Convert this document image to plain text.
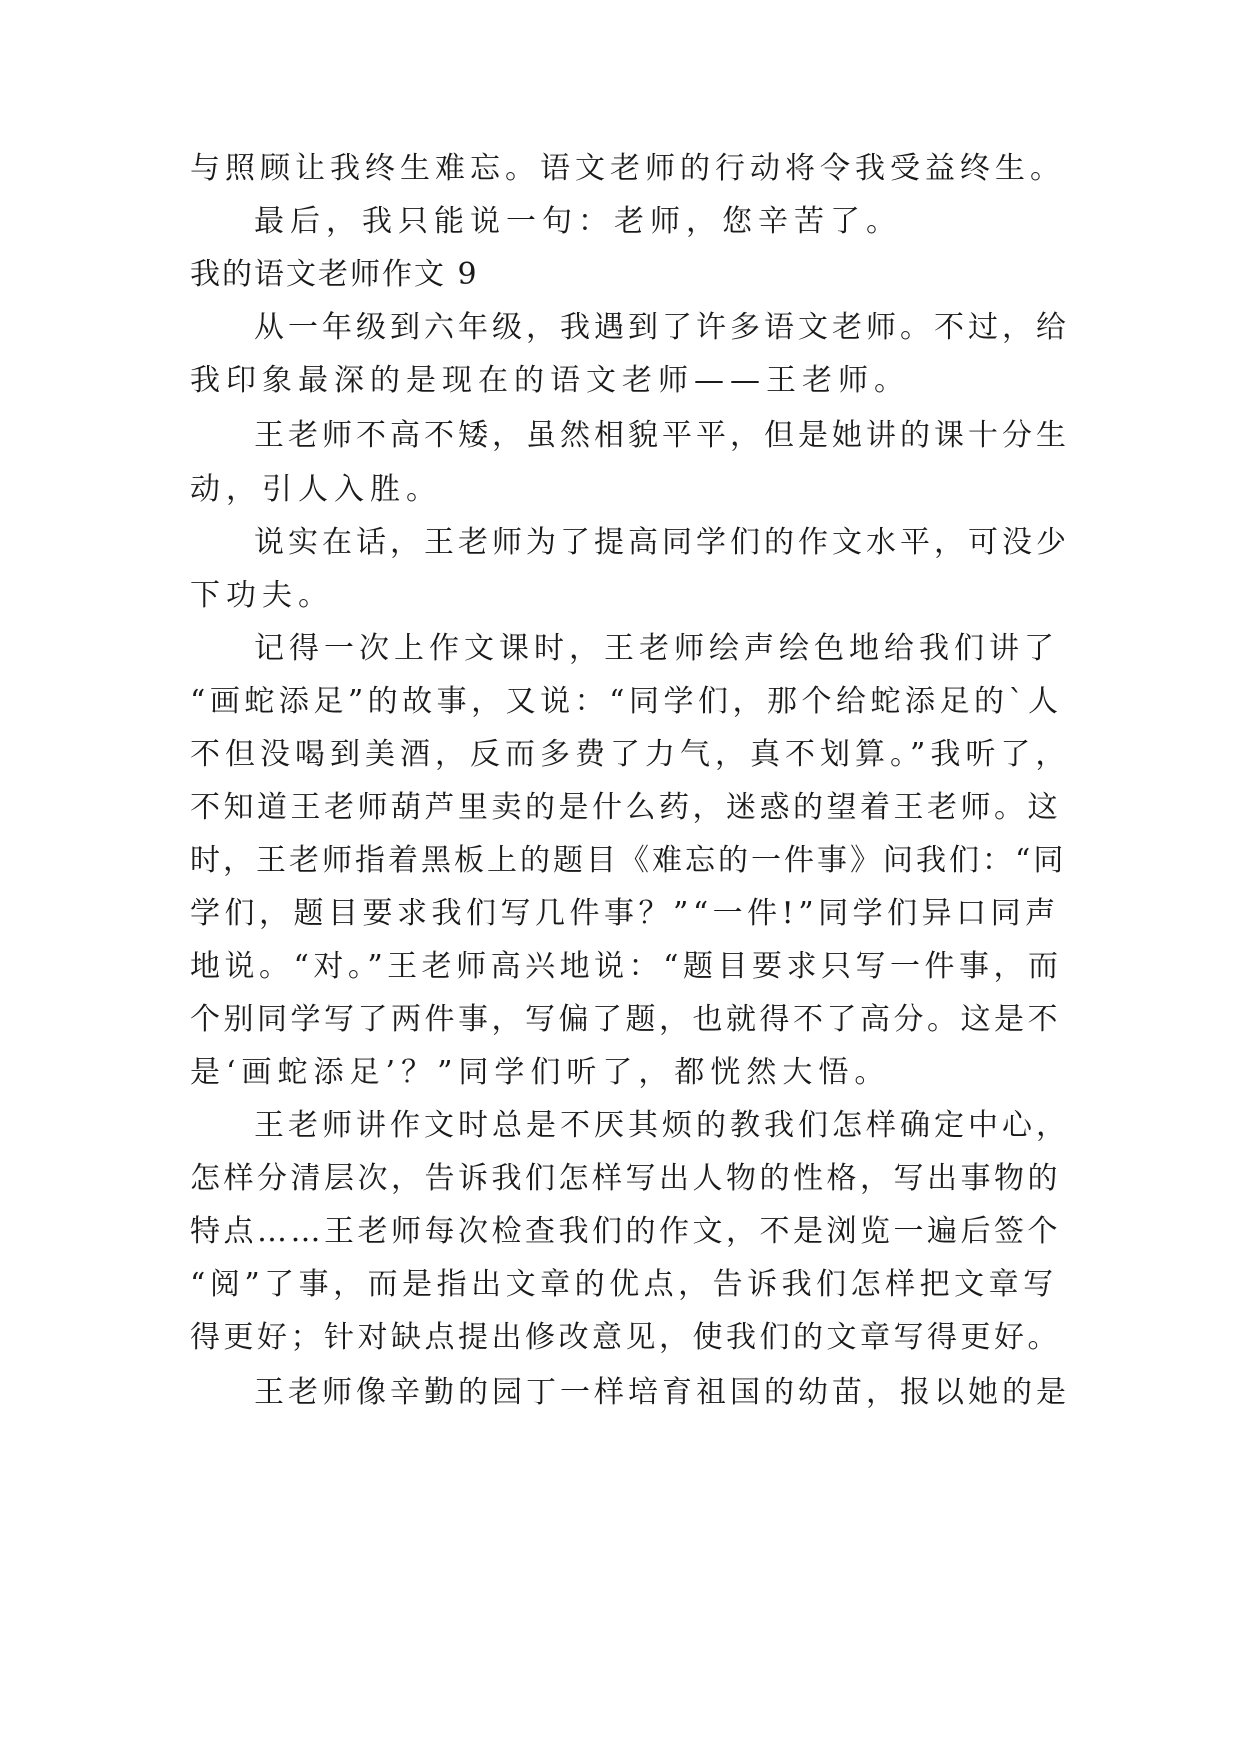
与照顾让我终生难忘。语文老师的行动将令我受益终生。
最后，我只能说一句：老师，您辛苦了。
我的语文老师作文 9
从一年级到六年级，我遇到了许多语文老师。不过，给
我印象最深的是现在的语文老师——王老师。
王老师不高不矮，虽然相貌平平，但是她讲的课十分生
动，引人入胜。
说实在话，王老师为了提高同学们的作文水平，可没少
下功夫。
记得一次上作文课时，王老师绘声绘色地给我们讲了
“画蛇添足”的故事，又说：“同学们，那个给蛇添足的`人
不但没喝到美酒，反而多费了力气，真不划算。”我听了，
不知道王老师葫芦里卖的是什么药，迷惑的望着王老师。这
时，王老师指着黑板上的题目《难忘的一件事》问我们：“同
学们，题目要求我们写几件事？”“一件!”同学们异口同声
地说。“对。”王老师高兴地说：“题目要求只写一件事，而
个别同学写了两件事，写偏了题，也就得不了高分。这是不
是‘画蛇添足’？”同学们听了，都恍然大悟。
王老师讲作文时总是不厌其烦的教我们怎样确定中心，
怎样分清层次，告诉我们怎样写出人物的性格，写出事物的
特点……王老师每次检查我们的作文，不是浏览一遍后签个
“阅”了事，而是指出文章的优点，告诉我们怎样把文章写
得更好；针对缺点提出修改意见，使我们的文章写得更好。
王老师像辛勤的园丁一样培育祖国的幼苗，报以她的是
